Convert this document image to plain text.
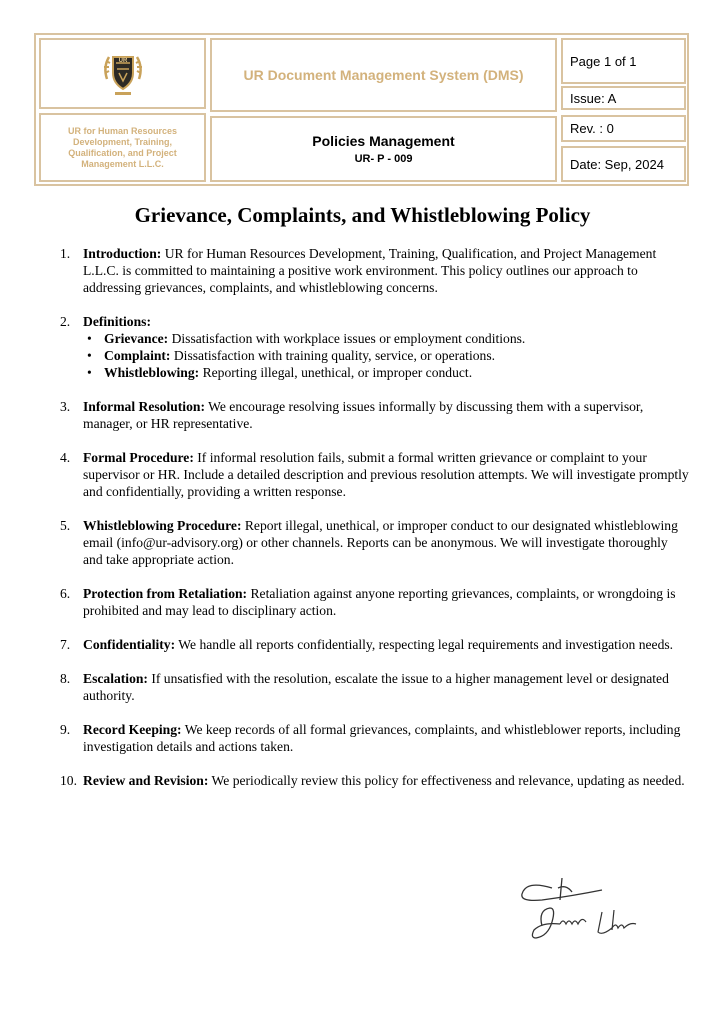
UR
UR for Human Resources Development, Training, Qualification, and Project Management L.L.C.
UR Document Management System (DMS)
Policies Management
UR- P - 009
Page 1 of 1
Issue: A
Rev. : 0
Date: Sep, 2024
Grievance, Complaints, and Whistleblowing Policy
1. Introduction: UR for Human Resources Development, Training, Qualification, and Project Management L.L.C. is committed to maintaining a positive work environment. This policy outlines our approach to addressing grievances, complaints, and whistleblowing concerns.
2. Definitions:
• Grievance: Dissatisfaction with workplace issues or employment conditions.
• Complaint: Dissatisfaction with training quality, service, or operations.
• Whistleblowing: Reporting illegal, unethical, or improper conduct.
3. Informal Resolution: We encourage resolving issues informally by discussing them with a supervisor, manager, or HR representative.
4. Formal Procedure: If informal resolution fails, submit a formal written grievance or complaint to your supervisor or HR. Include a detailed description and previous resolution attempts. We will investigate promptly and confidentially, providing a written response.
5. Whistleblowing Procedure: Report illegal, unethical, or improper conduct to our designated whistleblowing email (info@ur-advisory.org) or other channels. Reports can be anonymous. We will investigate thoroughly and take appropriate action.
6. Protection from Retaliation: Retaliation against anyone reporting grievances, complaints, or wrongdoing is prohibited and may lead to disciplinary action.
7. Confidentiality: We handle all reports confidentially, respecting legal requirements and investigation needs.
8. Escalation: If unsatisfied with the resolution, escalate the issue to a higher management level or designated authority.
9. Record Keeping: We keep records of all formal grievances, complaints, and whistleblower reports, including investigation details and actions taken.
10. Review and Revision: We periodically review this policy for effectiveness and relevance, updating as needed.
